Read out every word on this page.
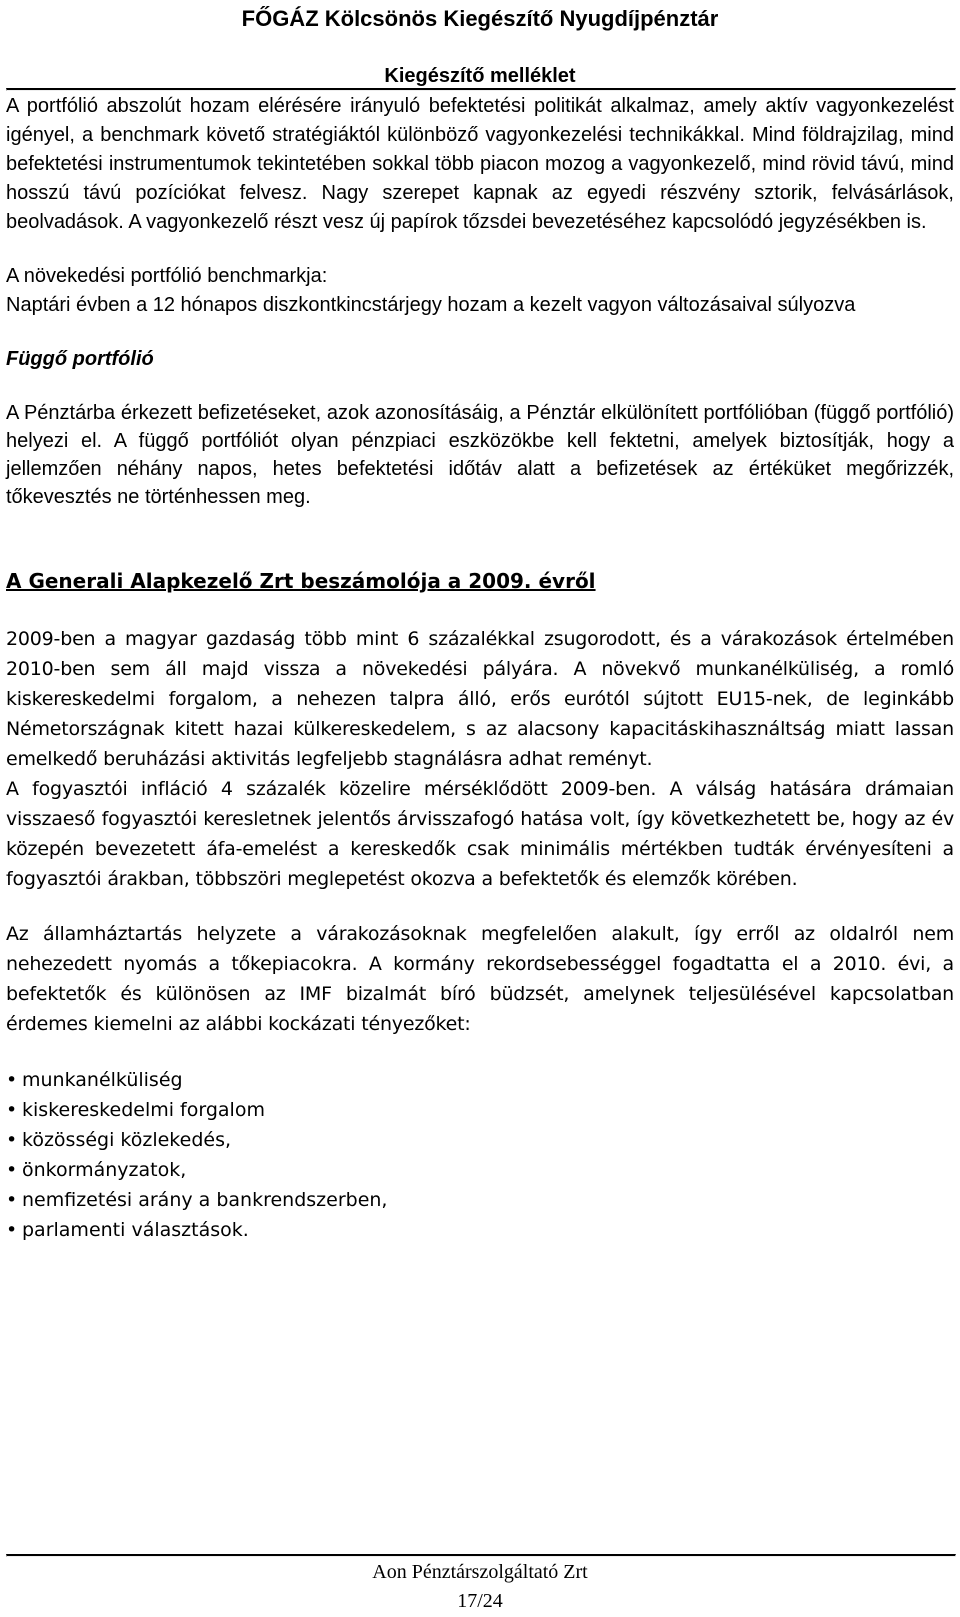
FŐGÁZ Kölcsönös Kiegészítő Nyugdíjpénztár
Kiegészítő melléklet

A portfólió abszolút hozam elérésére irányuló befektetési politikát alkalmaz, amely aktív vagyonkezelést igényel, a benchmark követő stratégiáktól különböző vagyonkezelési technikákkal. Mind földrajzilag, mind befektetési instrumentumok tekintetében sokkal több piacon mozog a vagyonkezelő, mind rövid távú, mind hosszú távú pozíciókat felvesz. Nagy szerepet kapnak az egyedi részvény sztorik, felvásárlások, beolvadások. A vagyonkezelő részt vesz új papírok tőzsdei bevezetéséhez kapcsolódó jegyzésékben is.

A növekedési portfólió benchmarkja:

Naptári évben a 12 hónapos diszkontkincstárjegy hozam a kezelt vagyon változásaival súlyozva

Függő portfólió

A Pénztárba érkezett befizetéseket, azok azonosításáig, a Pénztár elkülönített portfólióban (függő portfólió) helyezi el. A függő portfóliót olyan pénzpiaci eszközökbe kell fektetni, amelyek biztosítják, hogy a jellemzően néhány napos, hetes befektetési időtáv alatt a befizetések az értéküket megőrizzék, tőkevesztés ne történhessen meg.

A Generali Alapkezelő Zrt beszámolója a 2009. évről

2009-ben a magyar gazdaság több mint 6 százalékkal zsugorodott, és a várakozások értelmében 2010-ben sem áll majd vissza a növekedési pályára. A növekvő munkanélküliség, a romló kiskereskedelmi forgalom, a nehezen talpra álló, erős eurótól sújtott EU15-nek, de leginkább Németországnak kitett hazai külkereskedelem, s az alacsony kapacitáskihasználtság miatt lassan emelkedő beruházási aktivitás legfeljebb stagnálásra adhat reményt.

A fogyasztói infláció 4 százalék közelire mérséklődött 2009-ben. A válság hatására drámaian visszaeső fogyasztói keresletnek jelentős árvisszafogó hatása volt, így következhetett be, hogy az év közepén bevezetett áfa-emelést a kereskedők csak minimális mértékben tudták érvényesíteni a fogyasztói árakban, többszöri meglepetést okozva a befektetők és elemzők körében.

Az államháztartás helyzete a várakozásoknak megfelelően alakult, így erről az oldalról nem nehezedett nyomás a tőkepiacokra. A kormány rekordsebességgel fogadtatta el a 2010. évi, a befektetők és különösen az IMF bizalmát bíró büdzsét, amelynek teljesülésével kapcsolatban érdemes kiemelni az alábbi kockázati tényezőket:

• munkanélküliség
• kiskereskedelmi forgalom
• közösségi közlekedés,
• önkormányzatok,
• nemfizetési arány a bankrendszerben,
• parlamenti választások.
Aon Pénztárszolgáltató Zrt
17/24
